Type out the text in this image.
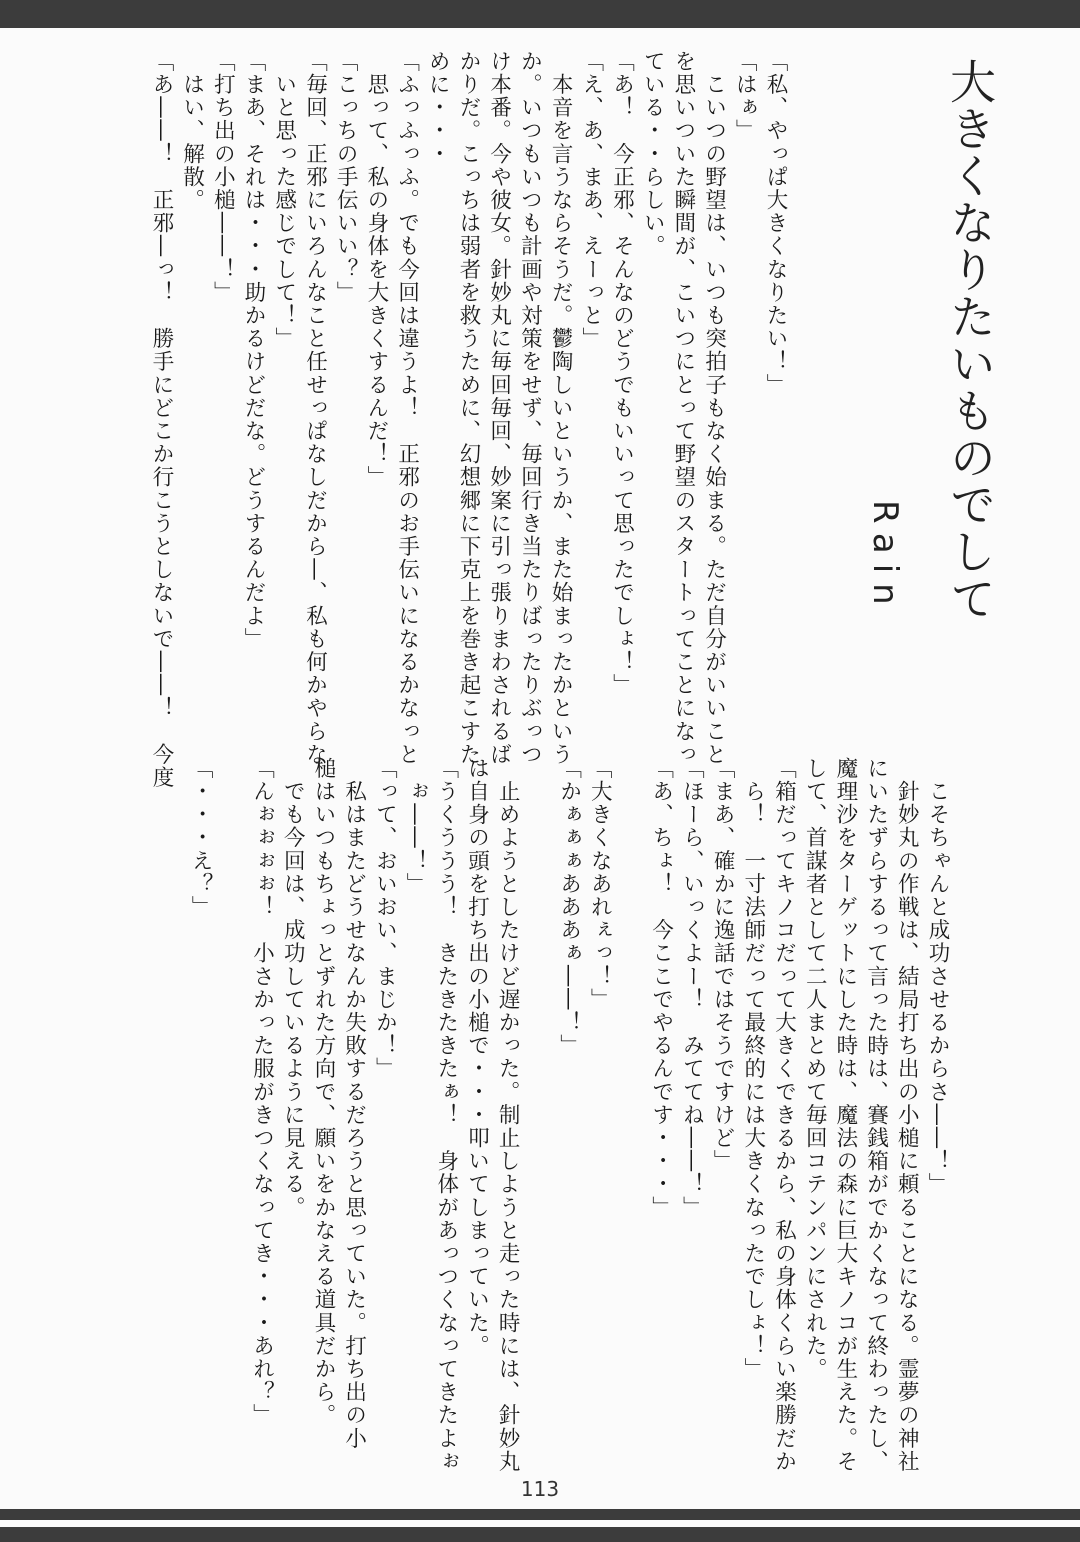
大きくなりたいものでして
Rain
「私、やっぱ大きくなりたい！」
「はぁ」
　こいつの野望は、いつも突拍子もなく始まる。ただ自分がいいこと
を思いついた瞬間が、こいつにとって野望のスタートってことになっ
ている・・らしい。
「あ！　今正邪、そんなのどうでもいいって思ったでしょ！」
「え、あ、まあ、えーっと」
　本音を言うならそうだ。鬱陶しいというか、また始まったかという
か。いつもいつも計画や対策をせず、毎回行き当たりばったりぶっつ
け本番。今や彼女。針妙丸に毎回毎回、妙案に引っ張りまわされるば
かりだ。こっちは弱者を救うために、幻想郷に下克上を巻き起こすた
めに・・・
「ふっふっふ。でも今回は違うよ！　正邪のお手伝いになるかなっと
　思って、私の身体を大きくするんだ！」
「こっちの手伝いい？」
「毎回、正邪にいろんなこと任せっぱなしだから―、私も何かやらな
　いと思った感じでして！」
「まあ、それは・・・助かるけどだな。どうするんだよ」
「打ち出の小槌――！」
　はい、解散。
「あ――！　正邪―っ！　勝手にどこか行こうとしないで――！　今度
　こそちゃんと成功させるからさ――！」
　針妙丸の作戦は、結局打ち出の小槌に頼ることになる。霊夢の神社
にいたずらするって言った時は、賽銭箱がでかくなって終わったし、
魔理沙をターゲットにした時は、魔法の森に巨大キノコが生えた。そ
して、首謀者として二人まとめて毎回コテンパンにされた。
「箱だってキノコだって大きくできるから、私の身体くらい楽勝だか
　ら！　一寸法師だって最終的には大きくなったでしょ！」
「まあ、確かに逸話ではそうですけど」
「ほーら、いっくよー！　みててね――！」
「あ、ちょ！　今ここでやるんです・・・」

「大きくなあれぇっ！」
「かぁぁぁあああぁ――！」

　止めようとしたけど遅かった。制止しようと走った時には、針妙丸
は自身の頭を打ち出の小槌で・・・叩いてしまっていた。
「うくううう！　きたきたきたぁ！　身体があっつくなってきたよぉ
　ぉ――！」
「って、おいおい、まじか！」
　私はまたどうせなんか失敗するだろうと思っていた。打ち出の小
槌はいつもちょっとずれた方向で、願いをかなえる道具だから。
　でも今回は、成功しているように見える。
「んぉぉぉぉ！　小さかった服がきつくなってき・・・あれ？」

「・・・え？」
113
